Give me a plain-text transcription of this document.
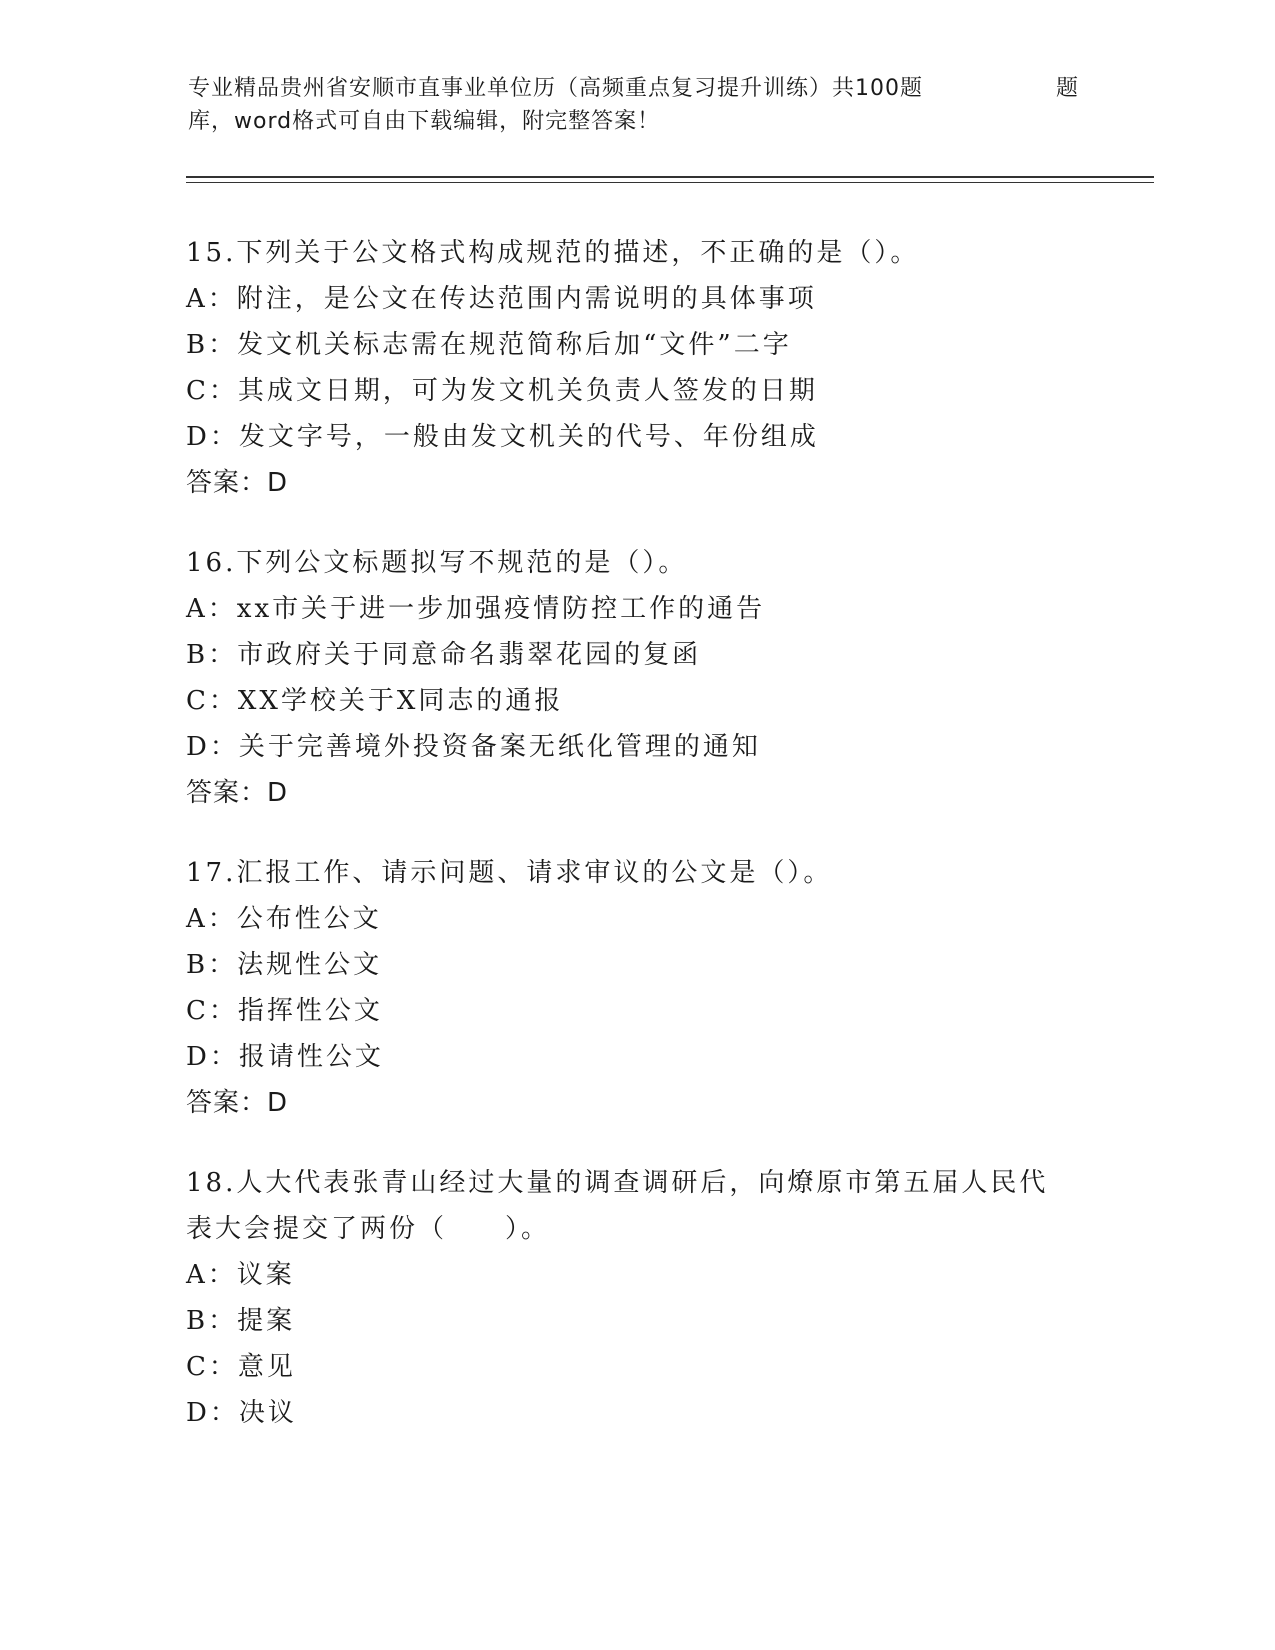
专业精品贵州省安顺市直事业单位历（高频重点复习提升训练）共100题	题
库，word格式可自由下载编辑，附完整答案！
15.下列关于公文格式构成规范的描述，不正确的是（）。
A：附注，是公文在传达范围内需说明的具体事项
B：发文机关标志需在规范简称后加“文件”二字
C：其成文日期，可为发文机关负责人签发的日期
D：发文字号，一般由发文机关的代号、年份组成
答案：D
16.下列公文标题拟写不规范的是（）。
A：xx市关于进一步加强疫情防控工作的通告
B：市政府关于同意命名翡翠花园的复函
C：XX学校关于X同志的通报
D：关于完善境外投资备案无纸化管理的通知
答案：D
17.汇报工作、请示问题、请求审议的公文是（）。
A：公布性公文
B：法规性公文
C：指挥性公文
D：报请性公文
答案：D
18.人大代表张青山经过大量的调查调研后，向燎原市第五届人民代表大会提交了两份（　　）。
A：议案
B：提案
C：意见
D：决议
